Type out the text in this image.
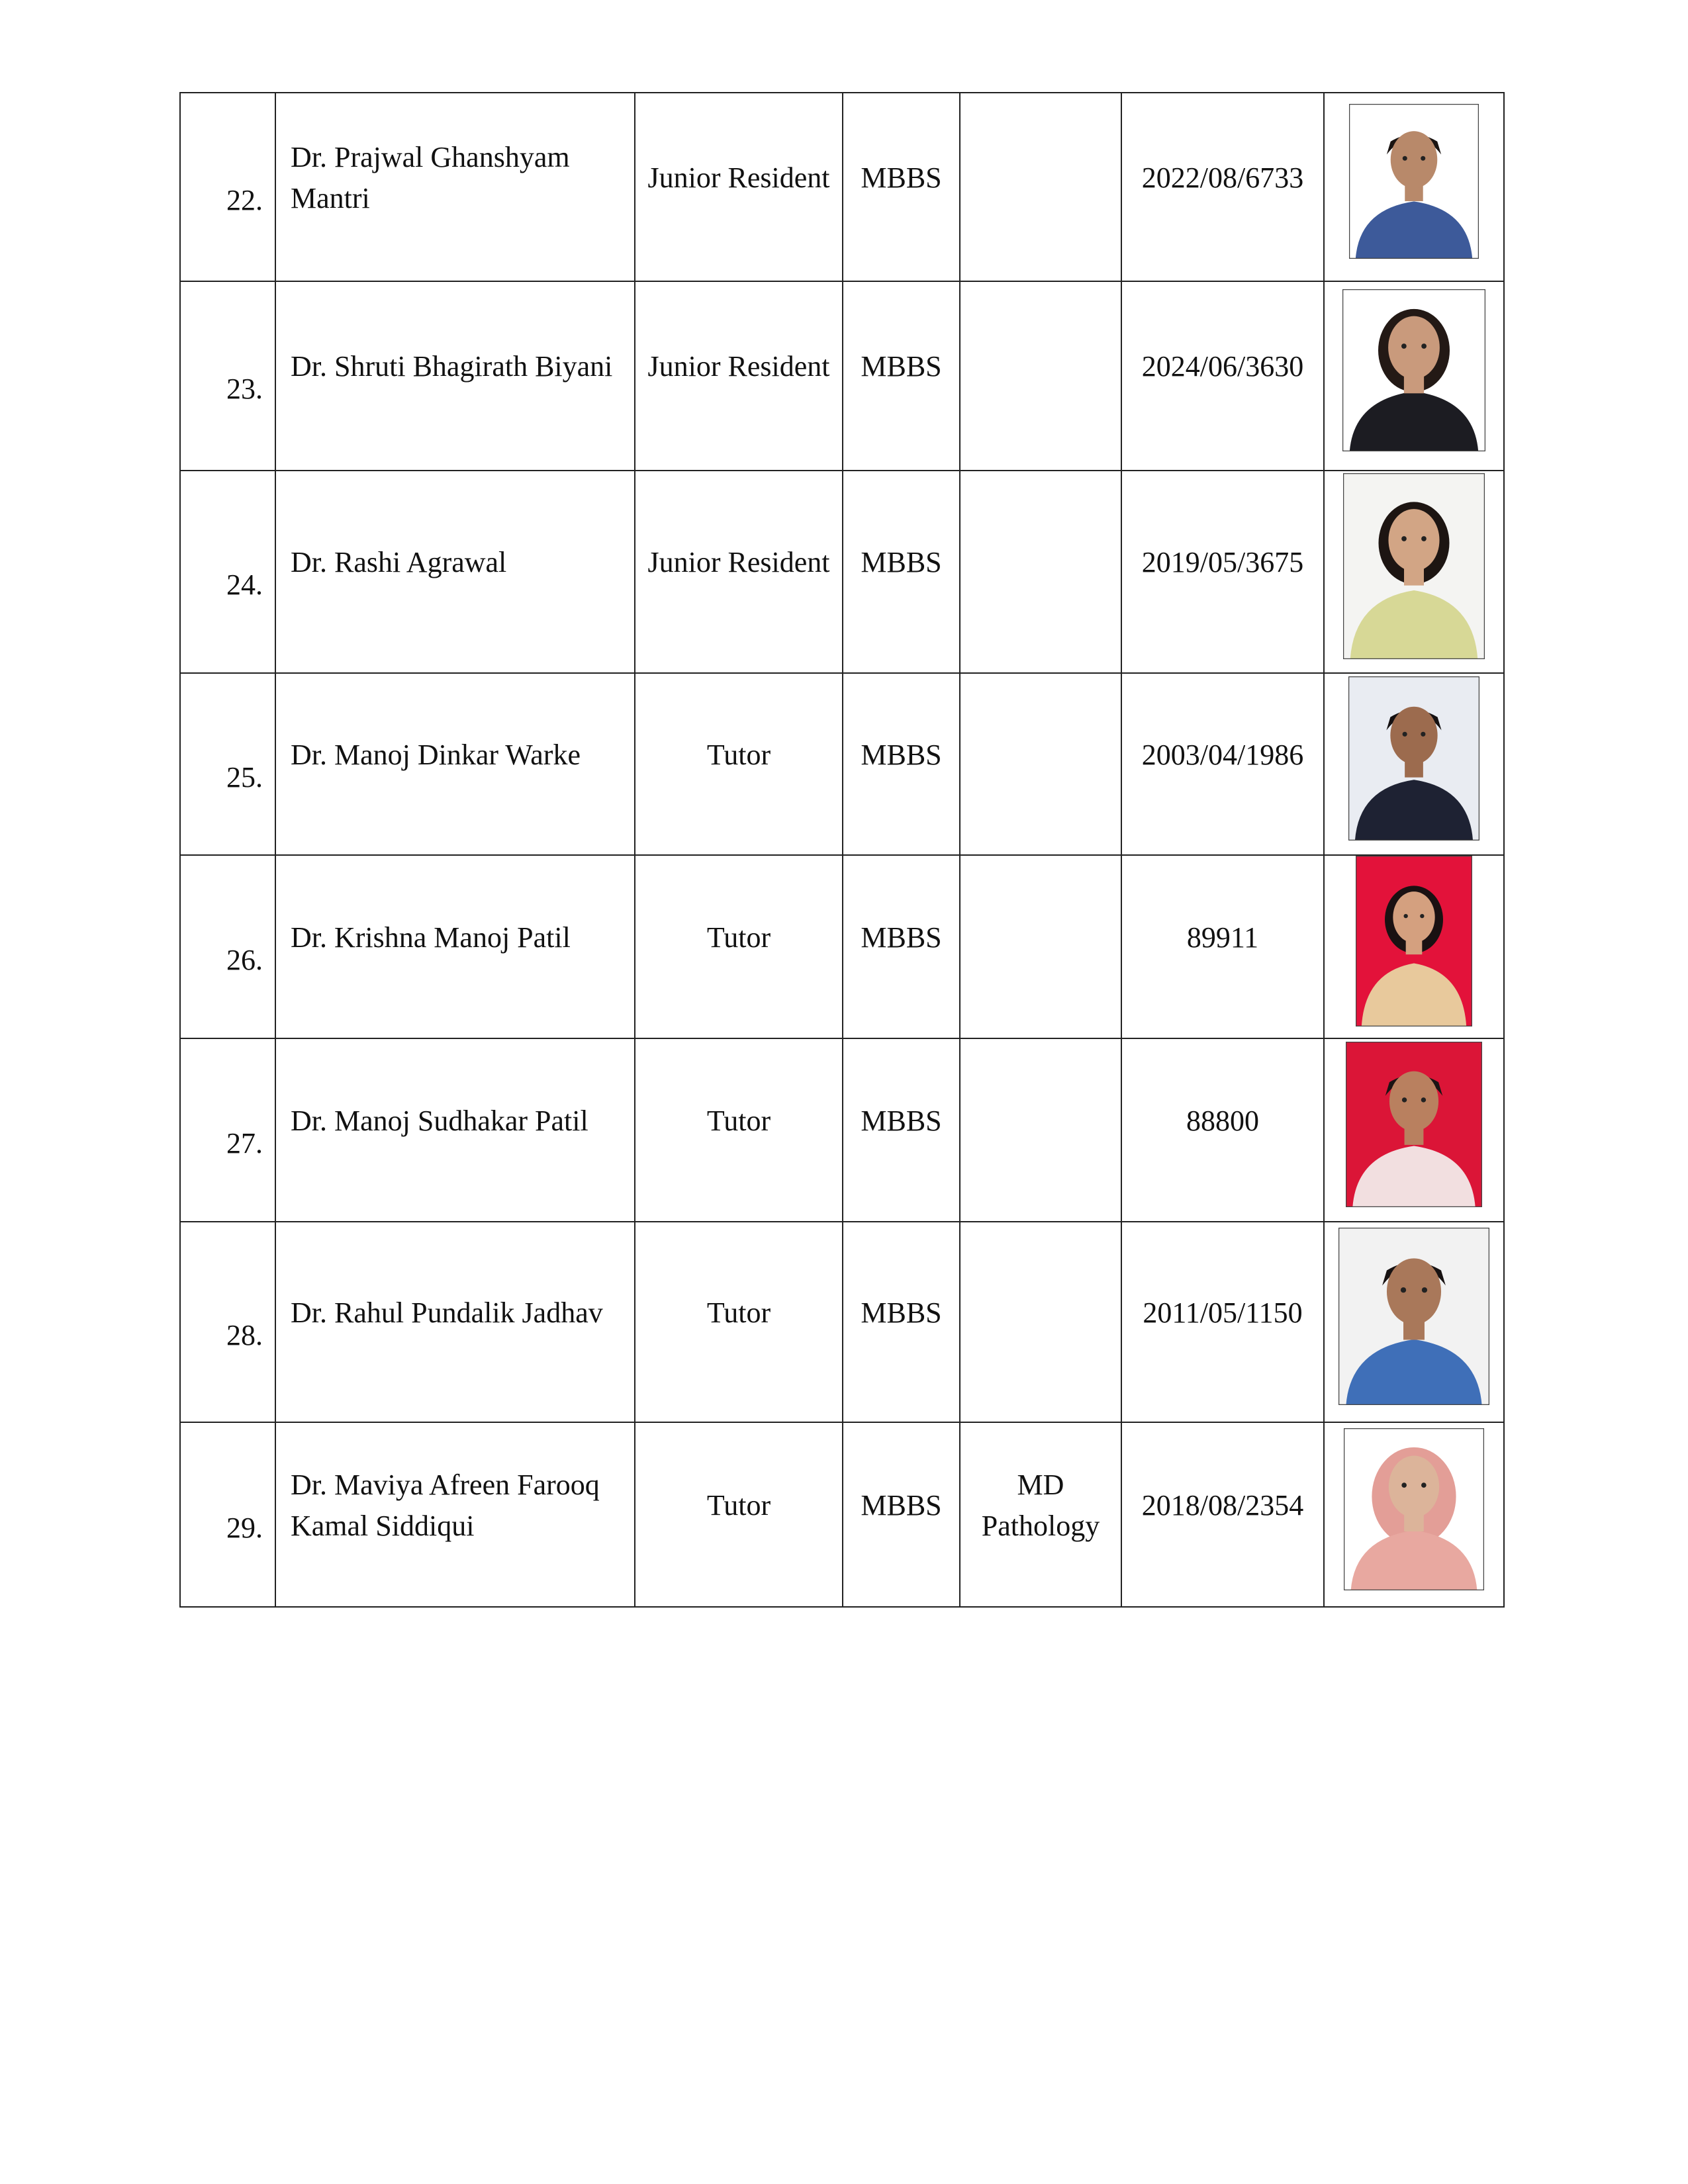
22.	Dr. Prajwal Ghanshyam Mantri	Junior Resident	MBBS		2022/08/6733

23.	Dr. Shruti Bhagirath Biyani	Junior Resident	MBBS		2024/06/3630

24.	Dr. Rashi Agrawal	Junior Resident	MBBS		2019/05/3675

25.	Dr. Manoj Dinkar Warke	Tutor	MBBS		2003/04/1986

26.	Dr. Krishna Manoj Patil	Tutor	MBBS		89911

27.	Dr. Manoj Sudhakar Patil	Tutor	MBBS		88800

28.	Dr. Rahul Pundalik Jadhav	Tutor	MBBS		2011/05/1150

29.	Dr. Maviya Afreen Farooq Kamal Siddiqui	Tutor	MBBS	MD Pathology	2018/08/2354
